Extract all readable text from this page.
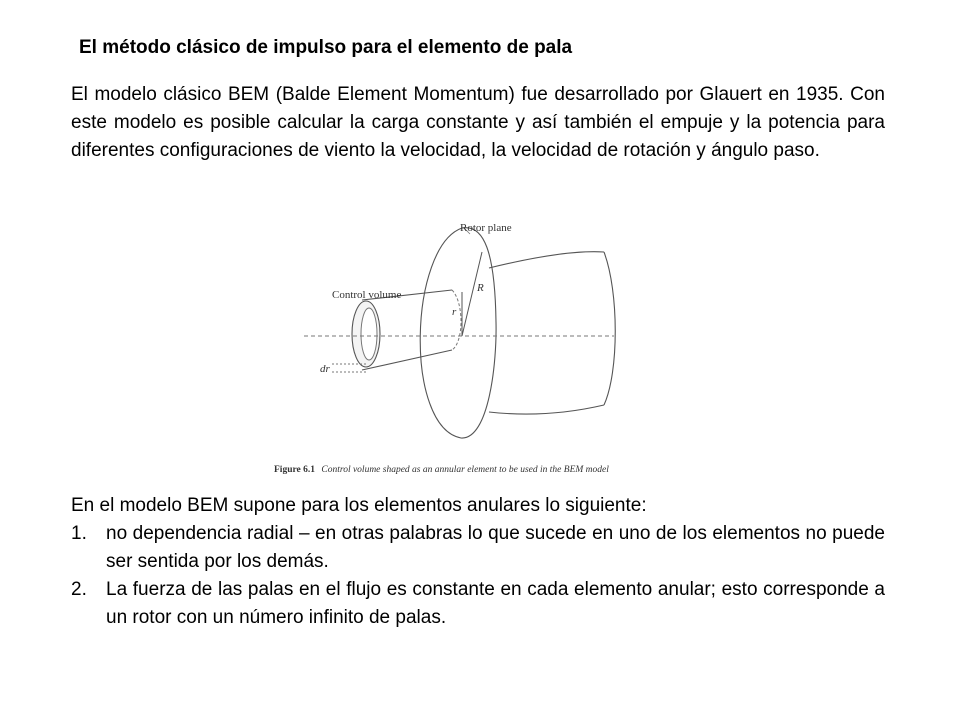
El método clásico de impulso para el elemento de pala

El modelo clásico BEM (Balde Element Momentum) fue desarrollado por Glauert en 1935. Con este modelo es posible calcular la carga constante y así también el empuje y la potencia para diferentes configuraciones de viento la velocidad, la velocidad de rotación y ángulo paso.

Rotor plane
Control volume
R
r
dr
Figure 6.1 Control volume shaped as an annular element to be used in the BEM model

En el modelo BEM supone para los elementos anulares lo siguiente:

1. no dependencia radial – en otras palabras lo que sucede en uno de los elementos no puede ser sentida por los demás.
2. La fuerza de las palas en el flujo es constante en cada elemento anular; esto corresponde a un rotor con un número infinito de palas.
